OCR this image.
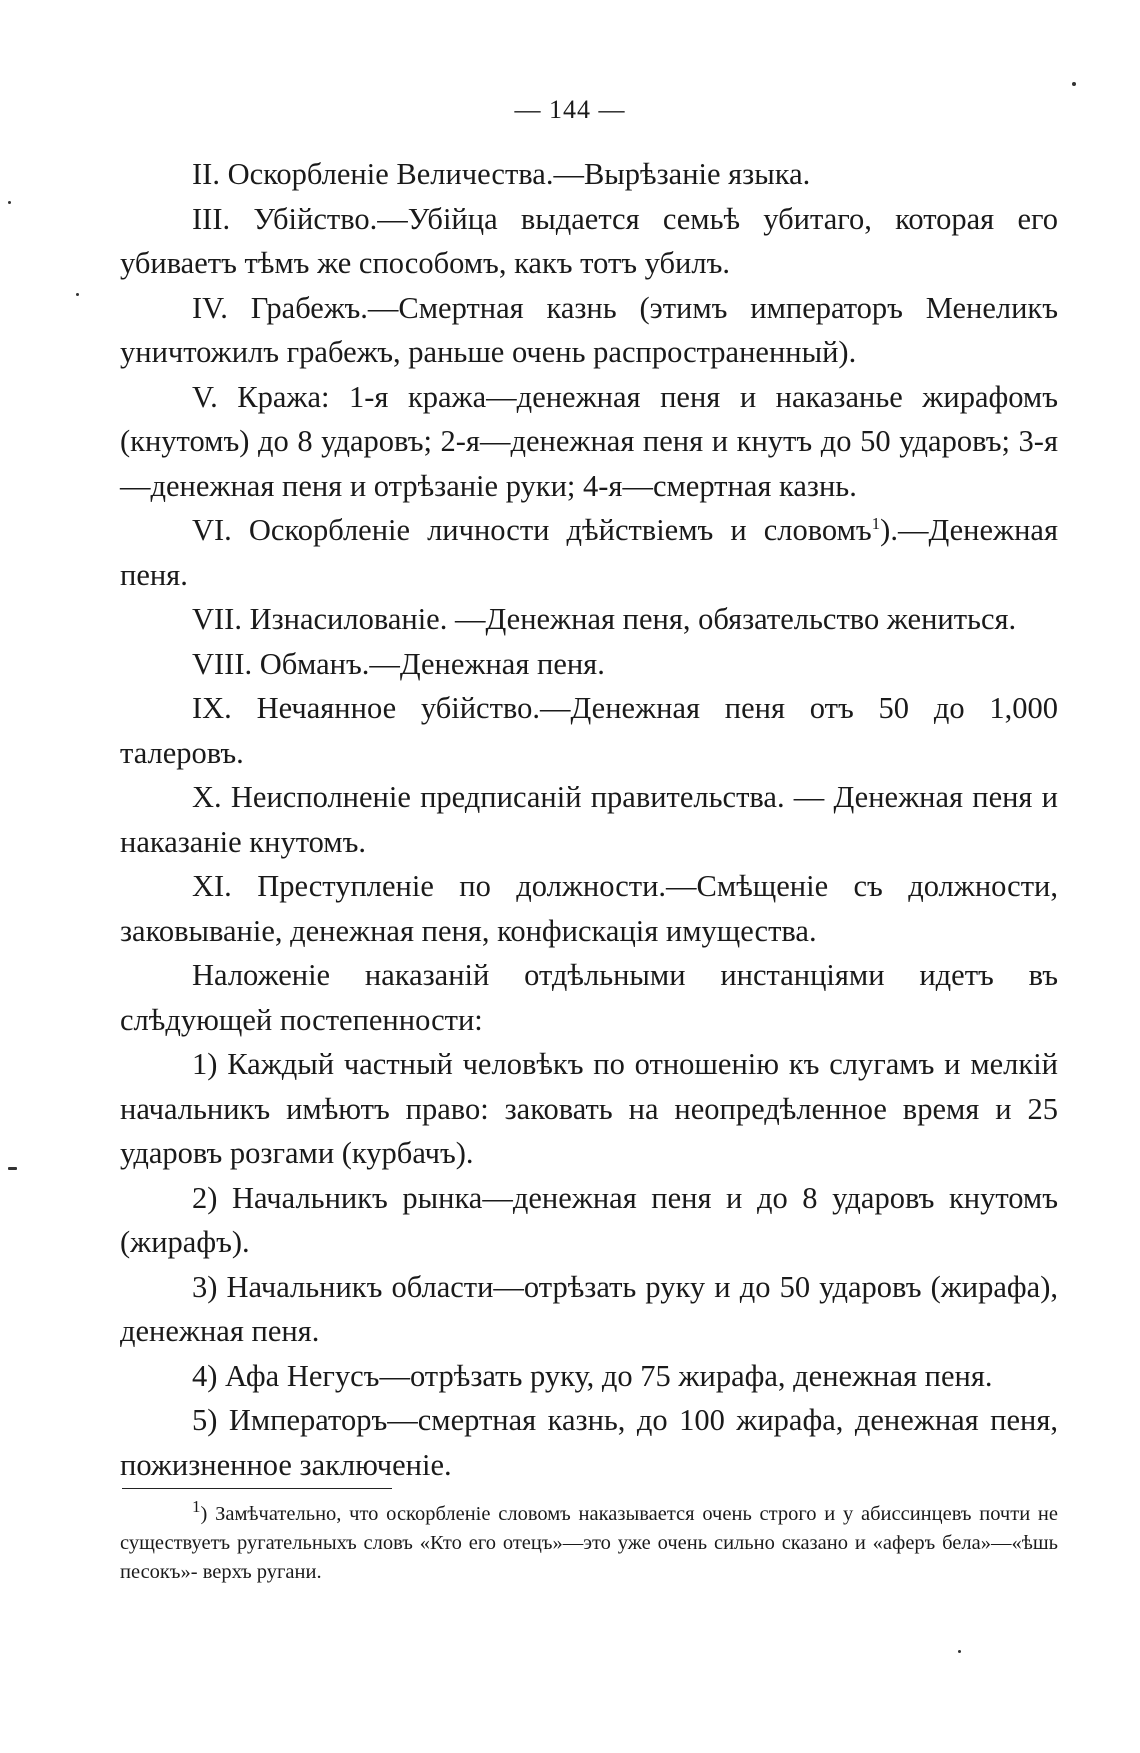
— 144 —

II. Оскорбленіе Величества.—Вырѣзаніе языка.

III. Убійство.—Убійца выдается семьѣ убитаго, которая его убиваетъ тѣмъ же способомъ, какъ тотъ убилъ.

IV. Грабежъ.—Смертная казнь (этимъ императоръ Менеликъ уничтожилъ грабежъ, раньше очень распространенный).

V. Кража: 1-я кража—денежная пеня и наказанье жирафомъ (кнутомъ) до 8 ударовъ; 2-я—денежная пеня и кнутъ до 50 ударовъ; 3-я—денежная пеня и отрѣзаніе руки; 4-я—смертная казнь.

VI. Оскорбленіе личности дѣйствіемъ и словомъ$^1$).—Денежная пеня.

VII. Изнасилованіе. —Денежная пеня, обязательство жениться.

VIII. Обманъ.—Денежная пеня.

IX. Нечаянное убійство.—Денежная пеня отъ 50 до 1,000 талеровъ.

X. Неисполненіе предписаній правительства. — Денежная пеня и наказаніе кнутомъ.

XI. Преступленіе по должности.—Смѣщеніе съ должности, заковываніе, денежная пеня, конфискація имущества.

Наложеніе наказаній отдѣльными инстанціями идетъ въ слѣдующей постепенности:

1) Каждый частный человѣкъ по отношенію къ слугамъ и мелкій начальникъ имѣютъ право: заковать на неопредѣленное время и 25 ударовъ розгами (курбачъ).

2) Начальникъ рынка—денежная пеня и до 8 ударовъ кнутомъ (жирафъ).

3) Начальникъ области—отрѣзать руку и до 50 ударовъ (жирафа), денежная пеня.

4) Афа Негусъ—отрѣзать руку, до 75 жирафа, денежная пеня.

5) Императоръ—смертная казнь, до 100 жирафа, денежная пеня, пожизненное заключеніе.

$^1$) Замѣчательно, что оскорбленіе словомъ наказывается очень строго и у абиссинцевъ почти не существуетъ ругательныхъ словъ «Кто его отецъ»—это уже очень сильно сказано и «аферъ бела»—«ѣшь песокъ»- верхъ ругани.
